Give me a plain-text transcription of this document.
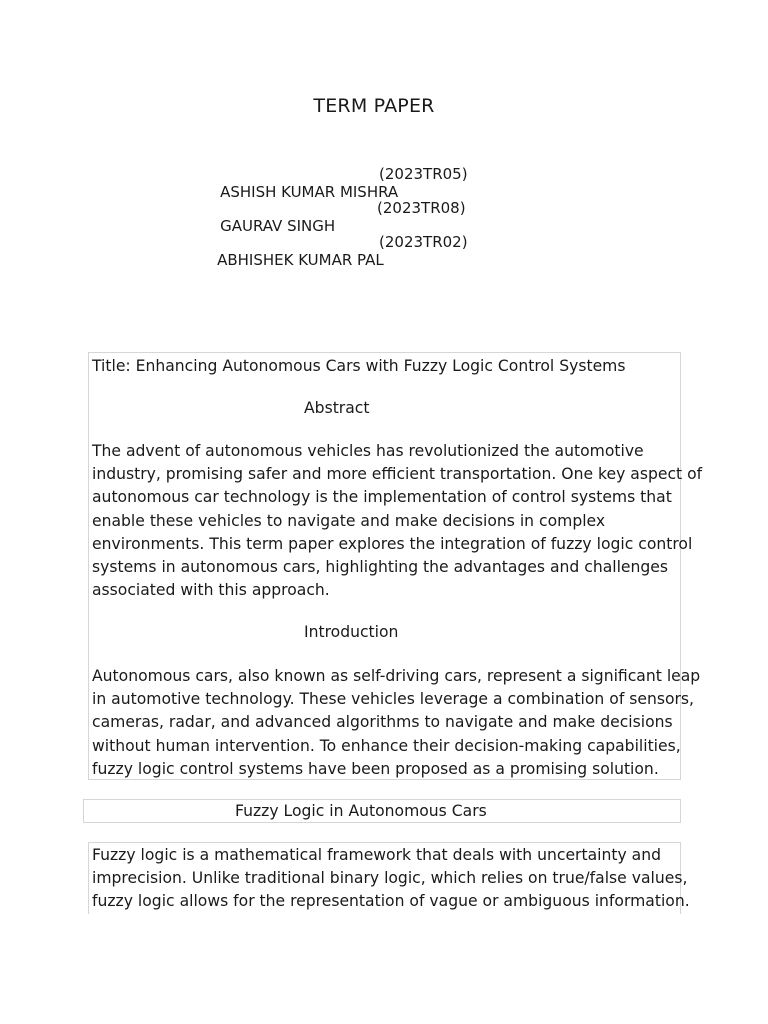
TERM PAPER

ASHISH KUMAR MISHRA

(2023TR05)

GAURAV SINGH

(2023TR08)

ABHISHEK KUMAR PAL

(2023TR02)

Title: Enhancing Autonomous Cars with Fuzzy Logic Control Systems
Abstract
The advent of autonomous vehicles has revolutionized the automotive
industry, promising safer and more efficient transportation. One key aspect of
autonomous car technology is the implementation of control systems that
enable these vehicles to navigate and make decisions in complex
environments. This term paper explores the integration of fuzzy logic control
systems in autonomous cars, highlighting the advantages and challenges
associated with this approach.
Introduction
Autonomous cars, also known as self-driving cars, represent a significant leap
in automotive technology. These vehicles leverage a combination of sensors,
cameras, radar, and advanced algorithms to navigate and make decisions
without human intervention. To enhance their decision-making capabilities,
fuzzy logic control systems have been proposed as a promising solution.
Fuzzy Logic in Autonomous Cars
Fuzzy logic is a mathematical framework that deals with uncertainty and
imprecision. Unlike traditional binary logic, which relies on true/false values,
fuzzy logic allows for the representation of vague or ambiguous information.
